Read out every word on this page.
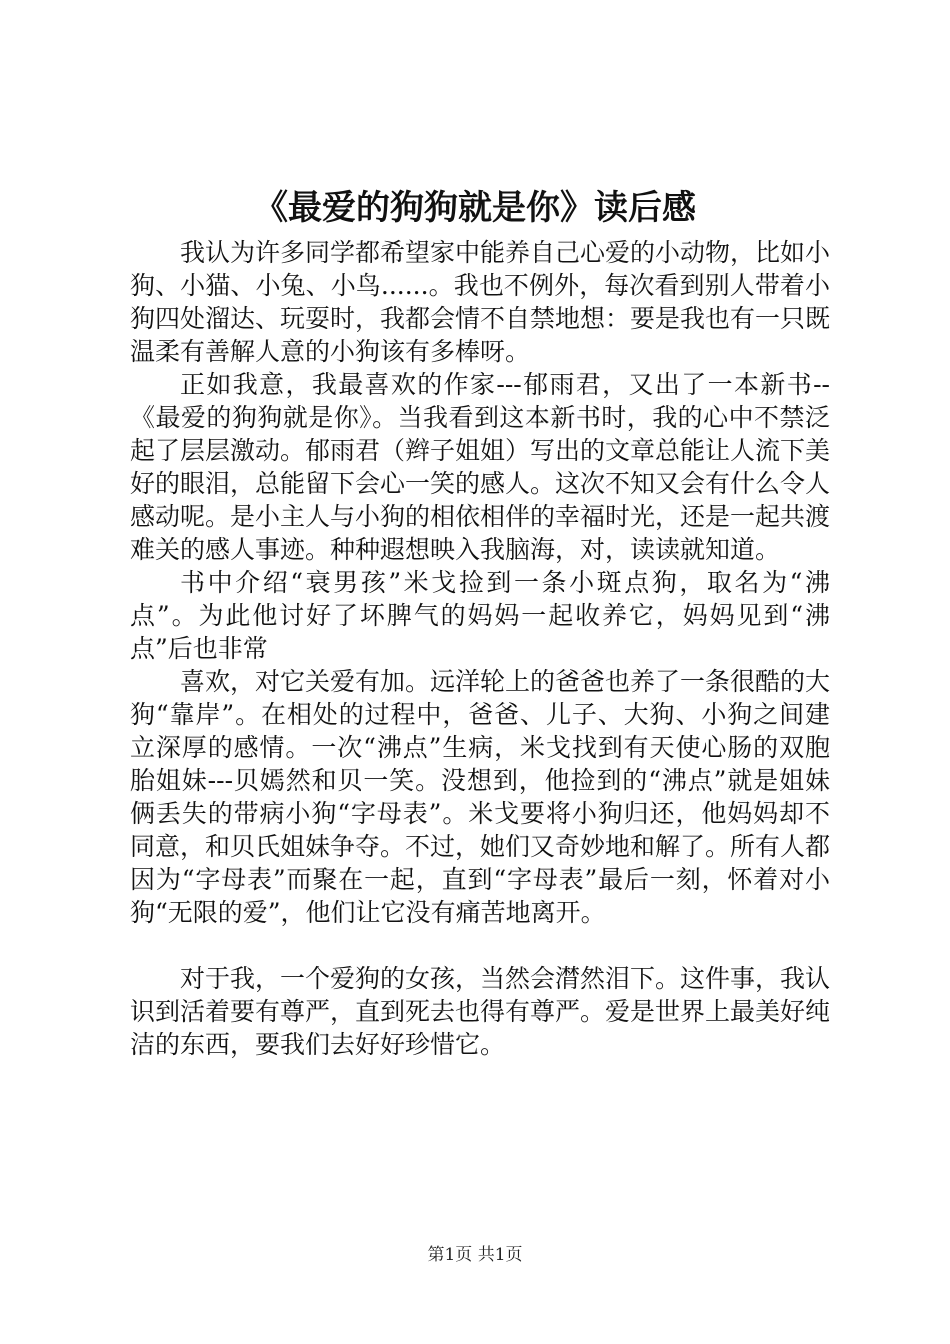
《最爱的狗狗就是你》读后感

我认为许多同学都希望家中能养自己心爱的小动物，比如小狗、小猫、小兔、小鸟......。我也不例外，每次看到别人带着小狗四处溜达、玩耍时，我都会情不自禁地想：要是我也有一只既温柔有善解人意的小狗该有多棒呀。

正如我意，我最喜欢的作家---郁雨君，又出了一本新书--《最爱的狗狗就是你》。当我看到这本新书时，我的心中不禁泛起了层层激动。郁雨君（辫子姐姐）写出的文章总能让人流下美好的眼泪，总能留下会心一笑的感人。这次不知又会有什么令人感动呢。是小主人与小狗的相依相伴的幸福时光，还是一起共渡难关的感人事迹。种种遐想映入我脑海，对，读读就知道。

书中介绍“衰男孩”米戈捡到一条小斑点狗，取名为“沸点”。为此他讨好了坏脾气的妈妈一起收养它，妈妈见到“沸点”后也非常

喜欢，对它关爱有加。远洋轮上的爸爸也养了一条很酷的大狗“靠岸”。在相处的过程中，爸爸、儿子、大狗、小狗之间建立深厚的感情。一次“沸点”生病，米戈找到有天使心肠的双胞胎姐妹---贝嫣然和贝一笑。没想到，他捡到的“沸点”就是姐妹俩丢失的带病小狗“字母表”。米戈要将小狗归还，他妈妈却不同意，和贝氏姐妹争夺。不过，她们又奇妙地和解了。所有人都因为“字母表”而聚在一起，直到“字母表”最后一刻，怀着对小狗“无限的爱”，他们让它没有痛苦地离开。

对于我，一个爱狗的女孩，当然会潸然泪下。这件事，我认识到活着要有尊严，直到死去也得有尊严。爱是世界上最美好纯洁的东西，要我们去好好珍惜它。

第1页 共1页
